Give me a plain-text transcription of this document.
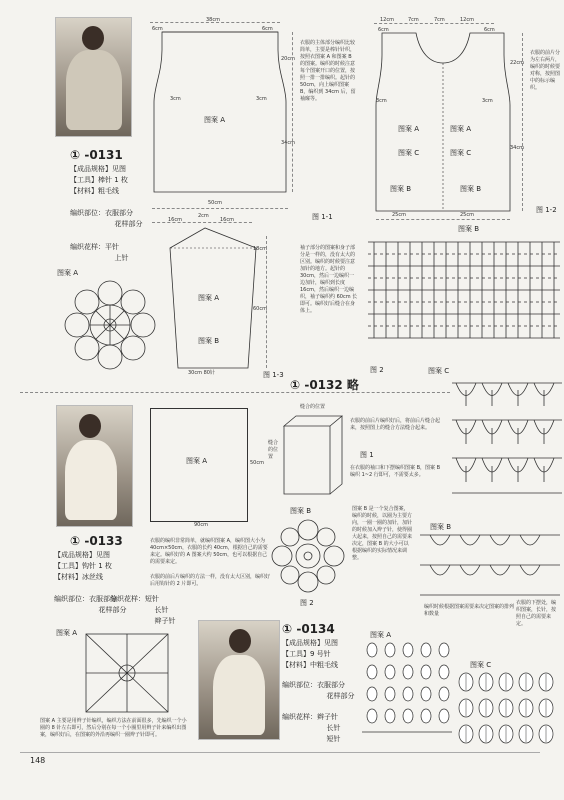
① -0131
【成品规格】见图
【工具】棒针 1 枚
【材料】粗毛线
编织部位：衣服部分
花样部分
编织花样：平针
上针
图案 A
38cm
6cm	6cm
20cm
34cm
3cm	3cm
图案 A
50cm
图 1-1
衣服的主体部分编织比较简单，主要是棒针针织，按照衣图案 A 和图案 B 的图案。编织的时候注意每个图案开口的位置，按照一排一排编织。起针的 50cm，向上编织图案 B，编织到 34cm 后，留袖窿等。
16cm
2cm
16cm
18cm
60cm
图案 A
图案 B
30cm 80针	图 1-3
袖子部分的图案和身子部分是一样的，没有太大的区别。编织的时候要注意加针的地方。起针的 30cm，然后一边编织一边加针，编织到长度 16cm，然后编织一边编织，袖子编织约 60cm 长即可。编织好后缝合在身体上。
12cm	7cm	7cm	12cm
6cm	6cm
22cm
34cm
3cm	3cm
图案 A	图案 A
图案 C	图案 C
图案 B	图案 B
25cm	25cm
图 1-2
衣服的前片分为左右两片，编织的时候要对称，按照图中的标示编织。
图案 B
图 2	图案 C
① -0132 略
① -0133
【成品规格】见图
【工具】钩针 1 枚
【材料】冰丝线
编织部位：衣服部分
花样部分
编织花样：短针
长针
辫子针
图案 A	50cm
90cm
衣服的编织非常简单，就编织图案 A，编织图大小为 40cm×50cm，衣服的长约 40cm，根据自己的需要来定。编织好的 A 图案大约 50cm，也可以根据自己的需要来定。
衣服的前后片编织的方法一样，没有太大区别，编织好后用钩针的 2 片即可。
缝合的位置
缝合的位置	图 1
衣服的前后片编织好后，将前后片缝合起来，按照图上的缝合方法缝合起来。
在衣服的袖口和下摆编织图案 B，图案 B 编织 1~2 行即可，不需要太多。
图案 B
图 2
图案 B 是一个复合图案，编织的时候，以圈为主要方向，一圈一圈的加针，加针的时候加入辫子针，使得圈大起来，按照自己的需要来决定，图案 B 的大小可以根据编织的实际情况来调整。
图案 A
图案 A 主要是用辫子针编织，编织方法在前面很多，先编织一个小圈的 8 针左右即可，然后分别在每一个小圈里用辫子针来编织出图案，编织好后，在图案的外沿再编织一圈辫子针即可。
① -0134
【成品规格】见图
【工具】9 号针
【材料】中粗毛线
编织部位：衣服部分
花样部分
编织花样：辫子针
长针
短针
图案 A
图案 B
编织时候根据图案需要来决定图案的排列和数量
衣服的下摆处，编织图案，长针，按照自己的需要来定。
图案 C
148
